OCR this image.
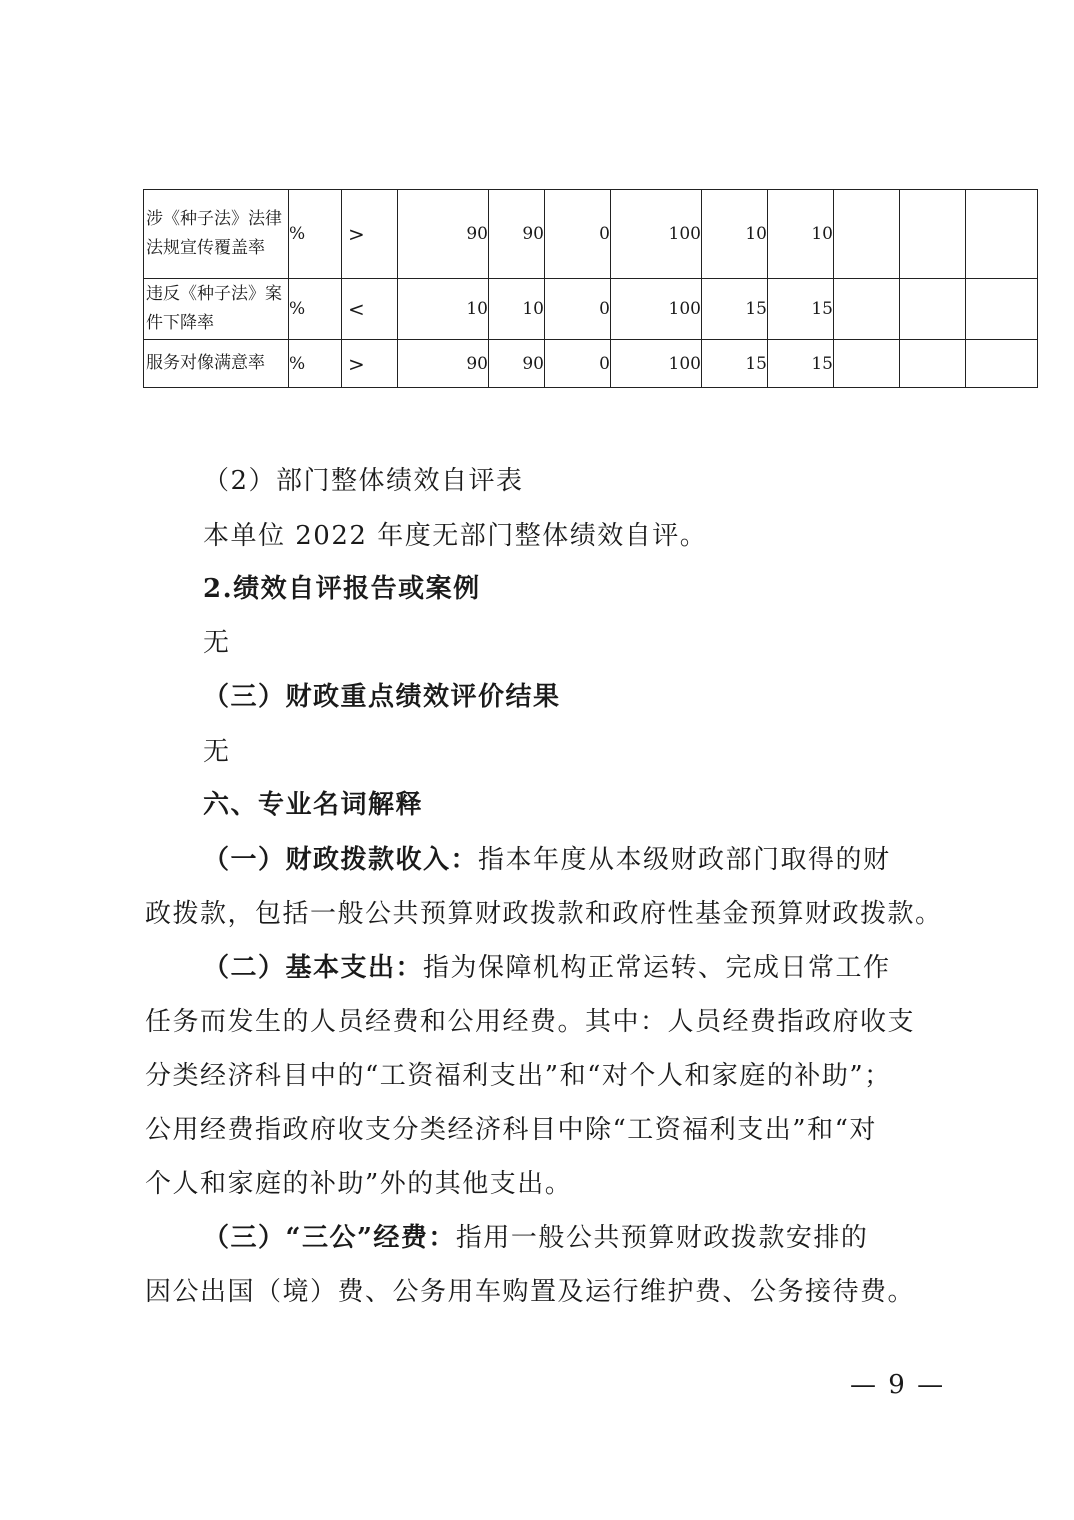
涉《种子法》法律法规宣传覆盖率	%	>	90	90	0	100	10	10			
违反《种子法》案件下降率	%	<	10	10	0	100	15	15			
服务对像满意率	%	>	90	90	0	100	15	15			

（2）部门整体绩效自评表

本单位 2022 年度无部门整体绩效自评。

2.绩效自评报告或案例

无

（三）财政重点绩效评价结果

无

六、专业名词解释

（一）财政拨款收入：指本年度从本级财政部门取得的财

政拨款，包括一般公共预算财政拨款和政府性基金预算财政拨款。

（二）基本支出：指为保障机构正常运转、完成日常工作

任务而发生的人员经费和公用经费。其中：人员经费指政府收支

分类经济科目中的“工资福利支出”和“对个人和家庭的补助”；

公用经费指政府收支分类经济科目中除“工资福利支出”和“对

个人和家庭的补助”外的其他支出。

（三）“三公”经费：指用一般公共预算财政拨款安排的

因公出国（境）费、公务用车购置及运行维护费、公务接待费。

— 9 —
